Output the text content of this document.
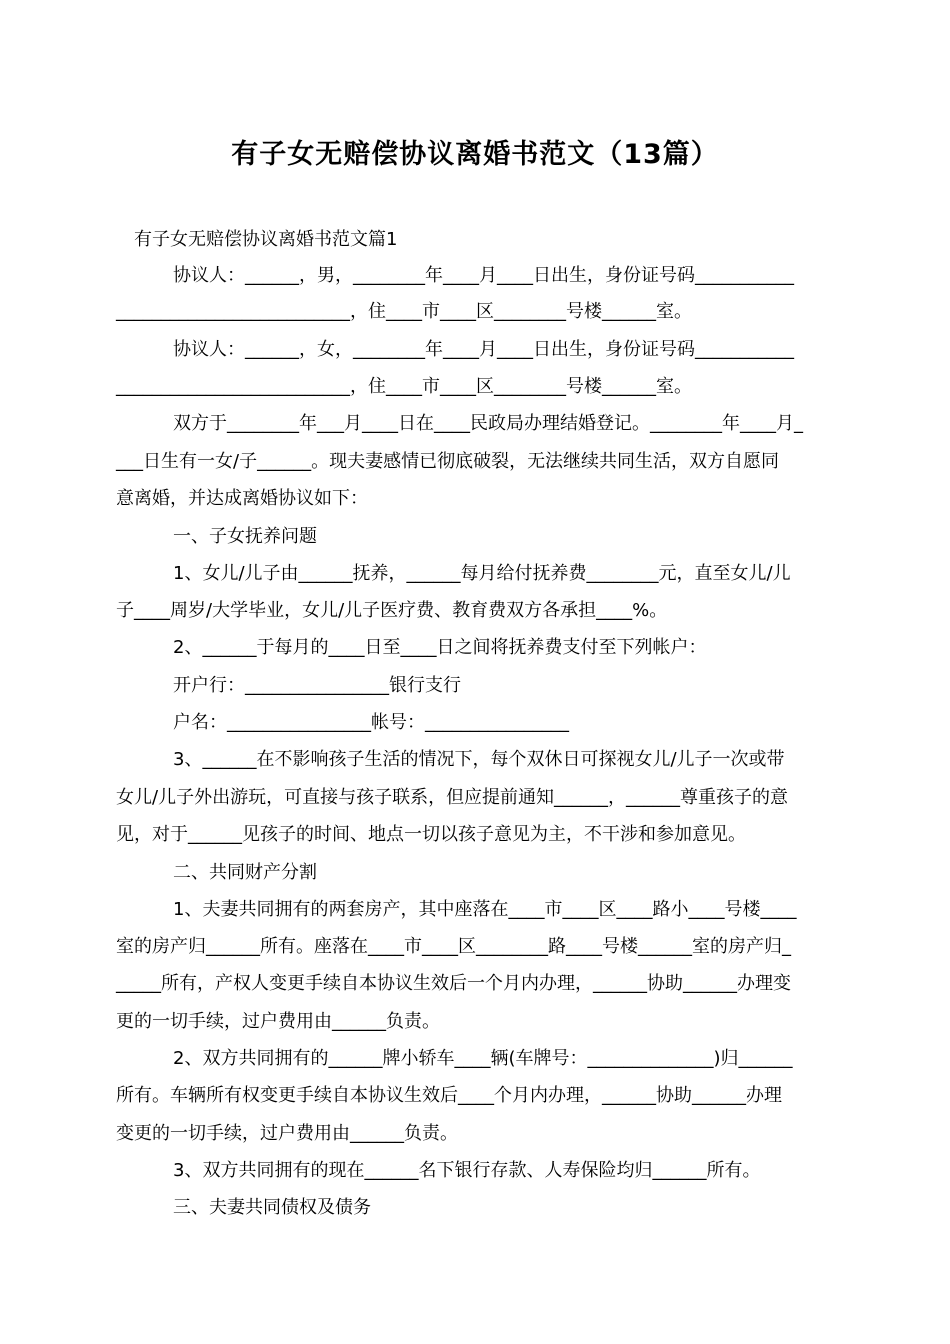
有子女无赔偿协议离婚书范文（13篇）
有子女无赔偿协议离婚书范文篇1
协议人：______，男，________年____月____日出生，身份证号码___________
__________________________，住____市____区________号楼______室。
协议人：______，女，________年____月____日出生，身份证号码___________
__________________________，住____市____区________号楼______室。
双方于________年___月____日在____民政局办理结婚登记。________年____月_
___日生有一女/子______。现夫妻感情已彻底破裂，无法继续共同生活，双方自愿同
意离婚，并达成离婚协议如下：
一、子女抚养问题
1、女儿/儿子由______抚养，______每月给付抚养费________元，直至女儿/儿
子____周岁/大学毕业，女儿/儿子医疗费、教育费双方各承担____%。
2、______于每月的____日至____日之间将抚养费支付至下列帐户：
开户行：________________银行支行
户名：________________帐号：________________
3、______在不影响孩子生活的情况下，每个双休日可探视女儿/儿子一次或带
女儿/儿子外出游玩，可直接与孩子联系，但应提前通知______，______尊重孩子的意
见，对于______见孩子的时间、地点一切以孩子意见为主，不干涉和参加意见。
二、共同财产分割
1、夫妻共同拥有的两套房产，其中座落在____市____区____路小____号楼____
室的房产归______所有。座落在____市____区________路____号楼______室的房产归_
_____所有，产权人变更手续自本协议生效后一个月内办理，______协助______办理变
更的一切手续，过户费用由______负责。
2、双方共同拥有的______牌小轿车____辆(车牌号：______________)归______
所有。车辆所有权变更手续自本协议生效后____个月内办理，______协助______办理
变更的一切手续，过户费用由______负责。
3、双方共同拥有的现在______名下银行存款、人寿保险均归______所有。
三、夫妻共同债权及债务
